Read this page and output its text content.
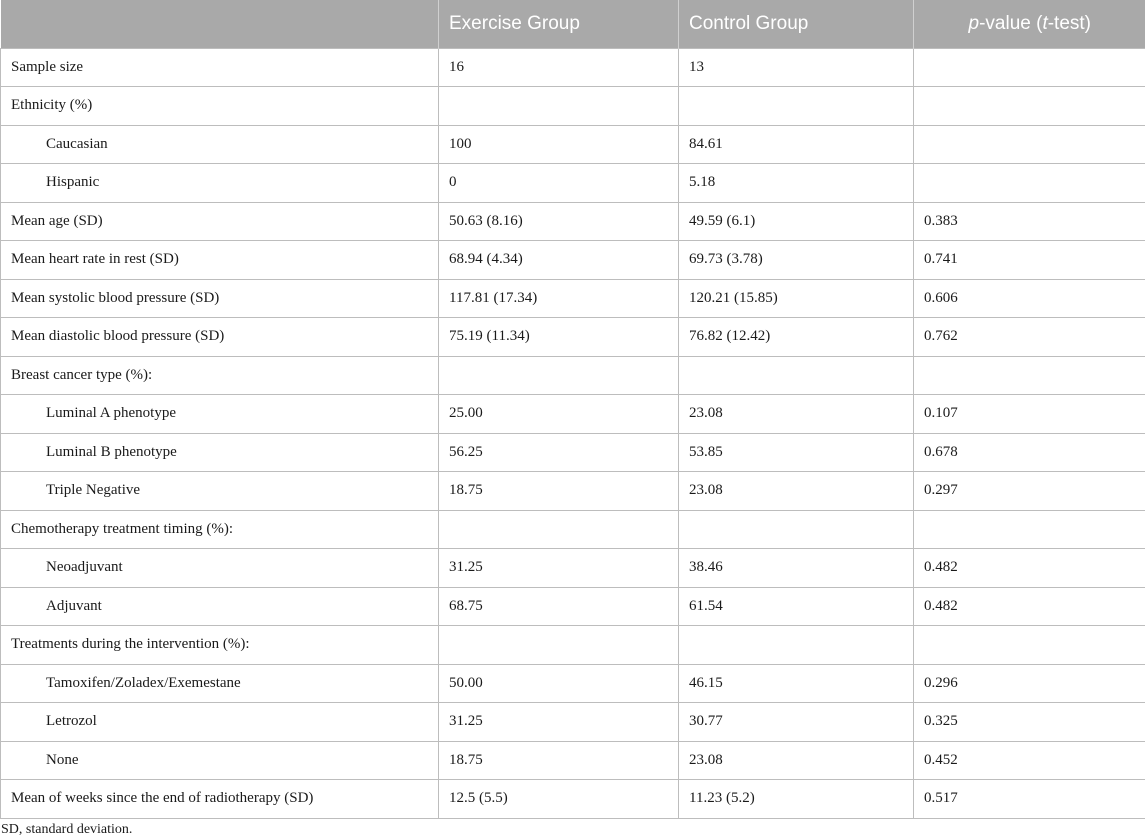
	Exercise Group	Control Group	p-value (t-test)
Sample size	16	13	
Ethnicity (%)			
Caucasian	100	84.61	
Hispanic	0	5.18	
Mean age (SD)	50.63 (8.16)	49.59 (6.1)	0.383
Mean heart rate in rest (SD)	68.94 (4.34)	69.73 (3.78)	0.741
Mean systolic blood pressure (SD)	117.81 (17.34)	120.21 (15.85)	0.606
Mean diastolic blood pressure (SD)	75.19 (11.34)	76.82 (12.42)	0.762
Breast cancer type (%):			
Luminal A phenotype	25.00	23.08	0.107
Luminal B phenotype	56.25	53.85	0.678
Triple Negative	18.75	23.08	0.297
Chemotherapy treatment timing (%):			
Neoadjuvant	31.25	38.46	0.482
Adjuvant	68.75	61.54	0.482
Treatments during the intervention (%):			
Tamoxifen/Zoladex/Exemestane	50.00	46.15	0.296
Letrozol	31.25	30.77	0.325
None	18.75	23.08	0.452
Mean of weeks since the end of radiotherapy (SD)	12.5 (5.5)	11.23 (5.2)	0.517
SD, standard deviation.
